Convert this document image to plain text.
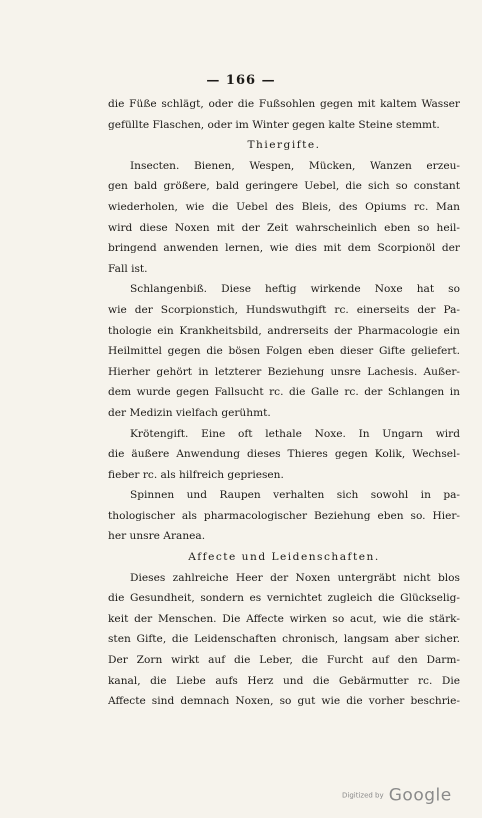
— 166 —
die Füße schlägt, oder die Fußsohlen gegen mit kaltem Wasser
gefüllte Flaschen, oder im Winter gegen kalte Steine stemmt.
Thiergifte.
Insecten. Bienen, Wespen, Mücken, Wanzen erzeu-
gen bald größere, bald geringere Uebel, die sich so constant
wiederholen, wie die Uebel des Bleis, des Opiums rc. Man
wird diese Noxen mit der Zeit wahrscheinlich eben so heil-
bringend anwenden lernen, wie dies mit dem Scorpionöl der
Fall ist.
Schlangenbiß. Diese heftig wirkende Noxe hat so
wie der Scorpionstich, Hundswuthgift rc. einerseits der Pa-
thologie ein Krankheitsbild, andrerseits der Pharmacologie ein
Heilmittel gegen die bösen Folgen eben dieser Gifte geliefert.
Hierher gehört in letzterer Beziehung unsre Lachesis. Außer-
dem wurde gegen Fallsucht rc. die Galle rc. der Schlangen in
der Medizin vielfach gerühmt.
Krötengift. Eine oft lethale Noxe. In Ungarn wird
die äußere Anwendung dieses Thieres gegen Kolik, Wechsel-
fieber rc. als hilfreich gepriesen.
Spinnen und Raupen verhalten sich sowohl in pa-
thologischer als pharmacologischer Beziehung eben so. Hier-
her unsre Aranea.
Affecte und Leidenschaften.
Dieses zahlreiche Heer der Noxen untergräbt nicht blos
die Gesundheit, sondern es vernichtet zugleich die Glückselig-
keit der Menschen. Die Affecte wirken so acut, wie die stärk-
sten Gifte, die Leidenschaften chronisch, langsam aber sicher.
Der Zorn wirkt auf die Leber, die Furcht auf den Darm-
kanal, die Liebe aufs Herz und die Gebärmutter rc. Die
Affecte sind demnach Noxen, so gut wie die vorher beschrie-
Digitized by Google
